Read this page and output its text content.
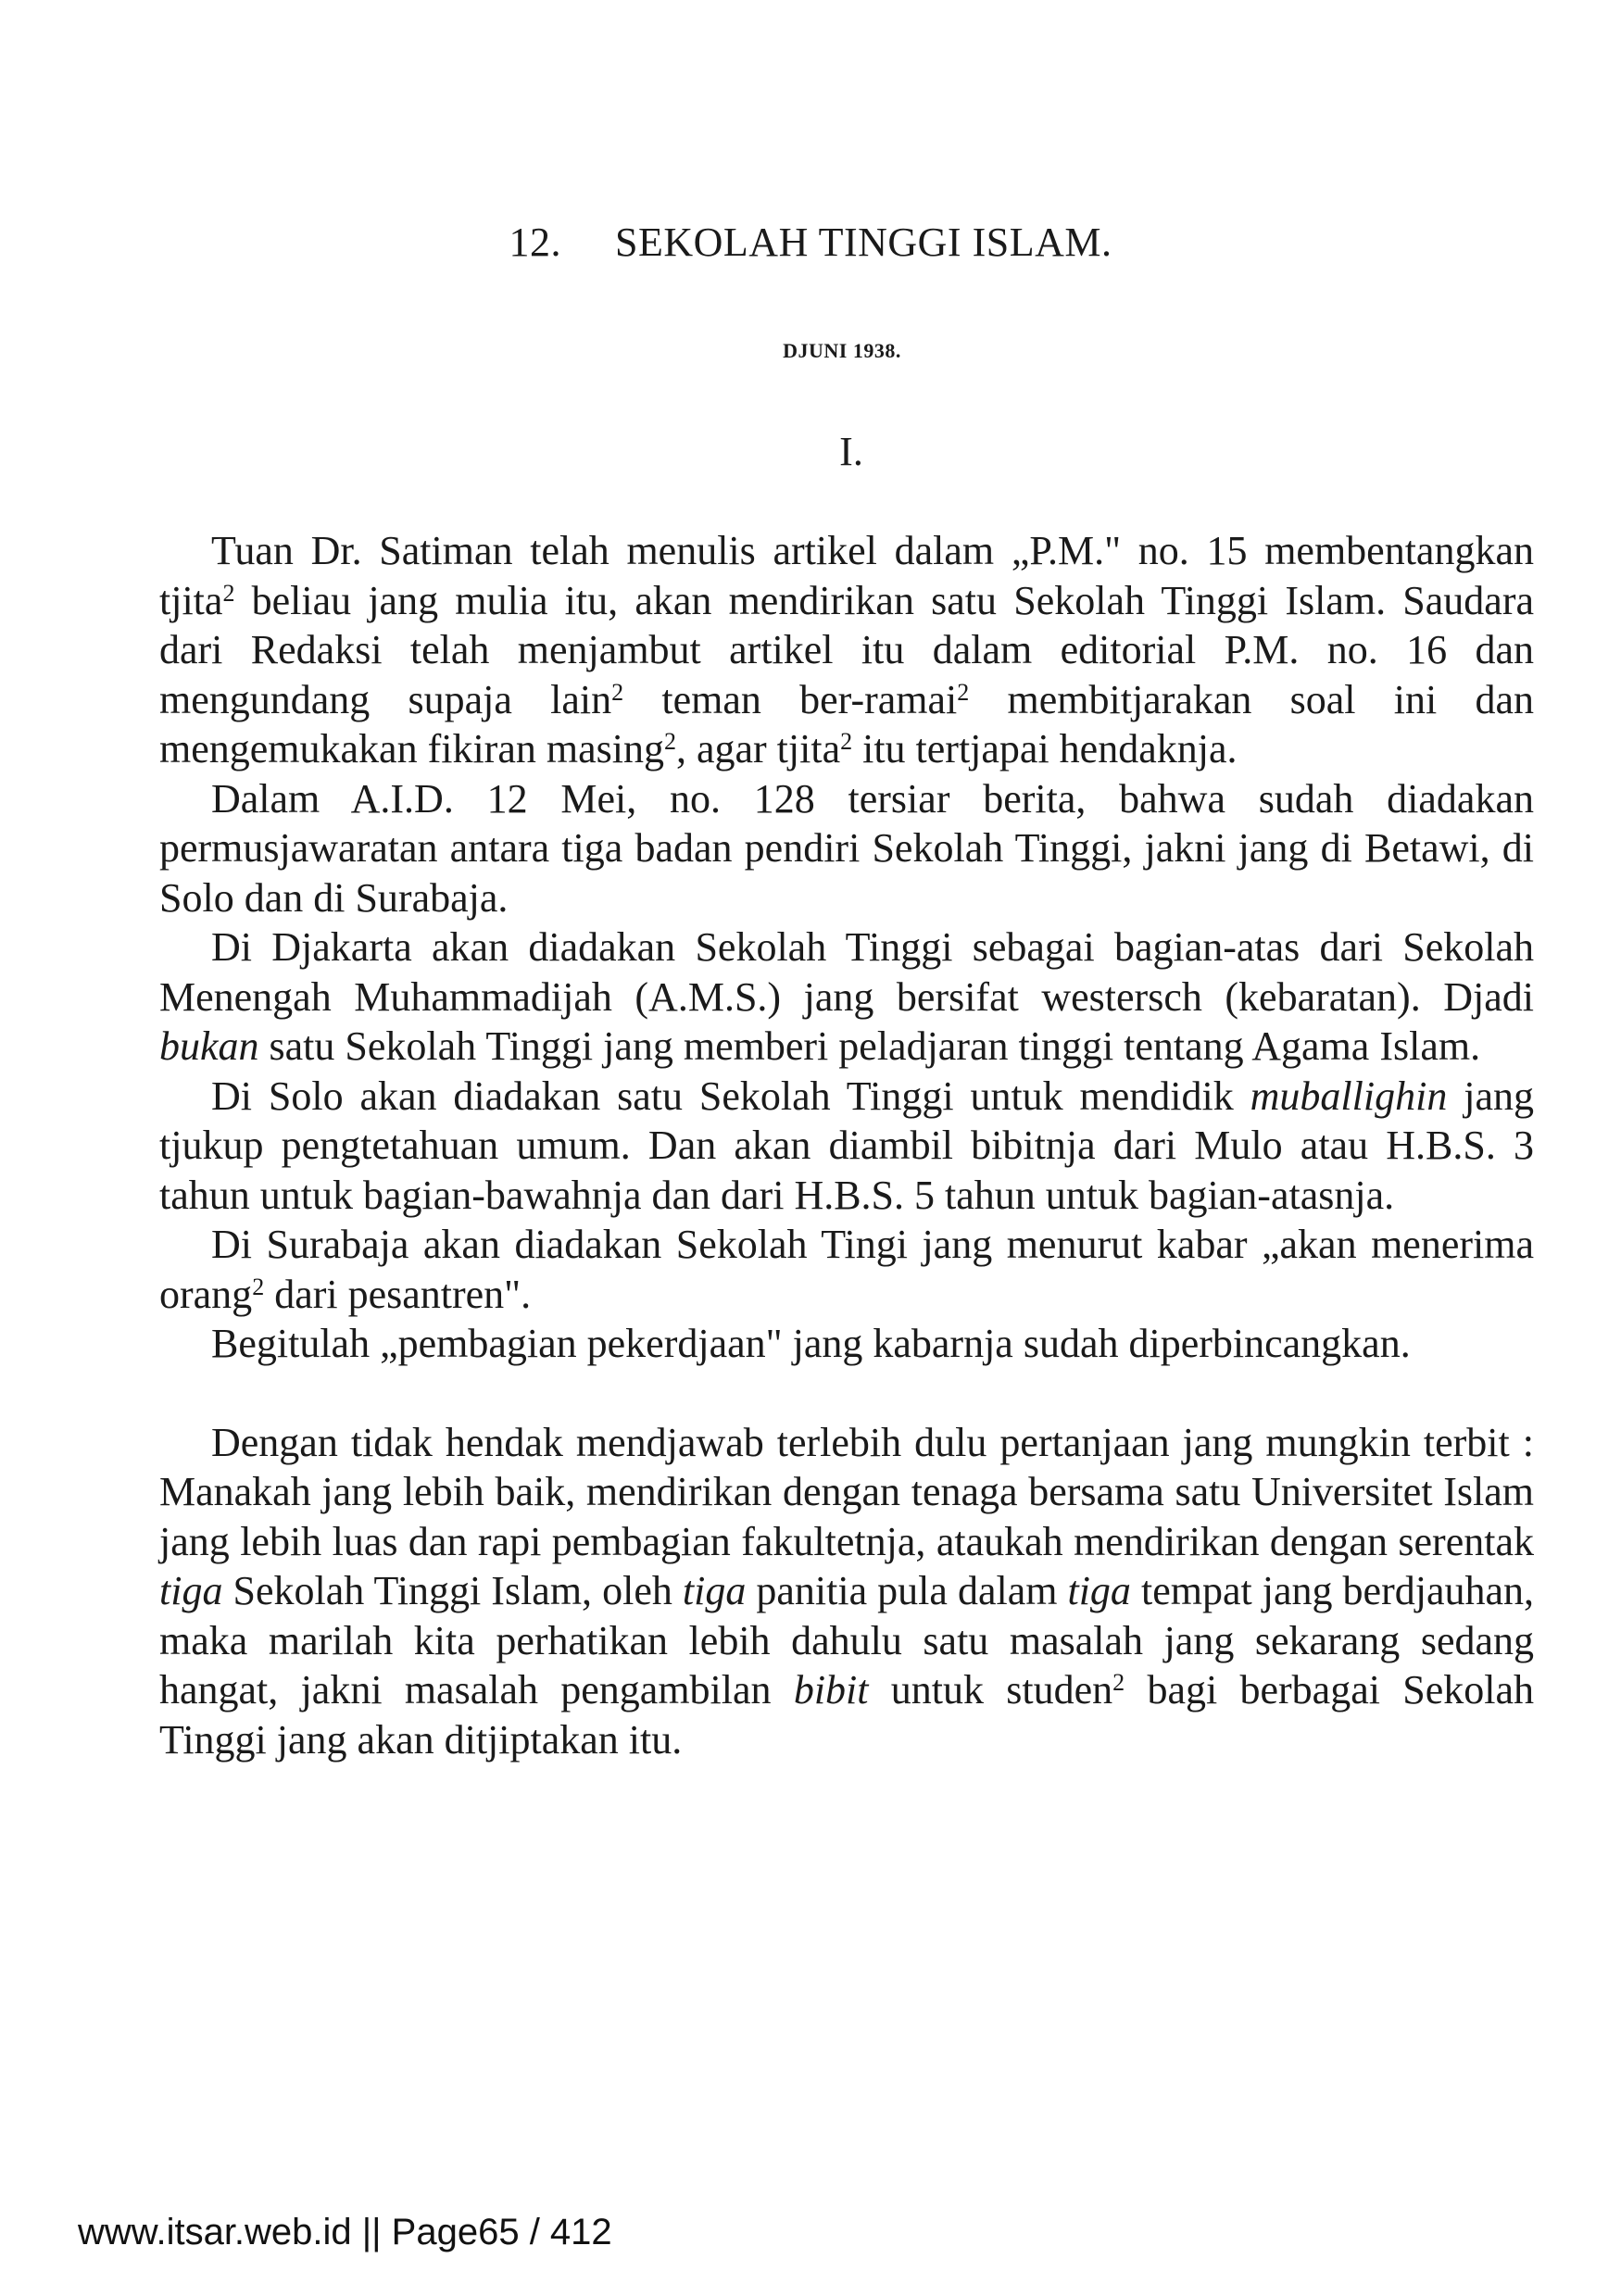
12. SEKOLAH TINGGI ISLAM.
DJUNI 1938.
I.

Tuan Dr. Satiman telah menulis artikel dalam „P.M." no. 15 membentangkan tjita$^2$ beliau jang mulia itu, akan mendirikan satu Sekolah Tinggi Islam. Saudara dari Redaksi telah menjambut artikel itu dalam editorial P.M. no. 16 dan mengundang supaja lain$^2$ teman ber-ramai$^2$ membitjarakan soal ini dan mengemukakan fikiran masing$^2$, agar tjita$^2$ itu tertjapai hendaknja.

Dalam A.I.D. 12 Mei, no. 128 tersiar berita, bahwa sudah diadakan permusjawaratan antara tiga badan pendiri Sekolah Tinggi, jakni jang di Betawi, di Solo dan di Surabaja.

Di Djakarta akan diadakan Sekolah Tinggi sebagai bagian-atas dari Sekolah Menengah Muhammadijah (A.M.S.) jang bersifat westersch (kebaratan). Djadi bukan satu Sekolah Tinggi jang memberi peladjaran tinggi tentang Agama Islam.

Di Solo akan diadakan satu Sekolah Tinggi untuk mendidik muballighin jang tjukup pengtetahuan umum. Dan akan diambil bibitnja dari Mulo atau H.B.S. 3 tahun untuk bagian-bawahnja dan dari H.B.S. 5 tahun untuk bagian-atasnja.

Di Surabaja akan diadakan Sekolah Tingi jang menurut kabar „akan menerima orang$^2$ dari pesantren".

Begitulah „pembagian pekerdjaan" jang kabarnja sudah diperbincangkan.

Dengan tidak hendak mendjawab terlebih dulu pertanjaan jang mungkin terbit : Manakah jang lebih baik, mendirikan dengan tenaga bersama satu Universitet Islam jang lebih luas dan rapi pembagian fakultetnja, ataukah mendirikan dengan serentak tiga Sekolah Tinggi Islam, oleh tiga panitia pula dalam tiga tempat jang berdjauhan, maka marilah kita perhatikan lebih dahulu satu masalah jang sekarang sedang hangat, jakni masalah pengambilan bibit untuk studen$^2$ bagi berbagai Sekolah Tinggi jang akan ditjiptakan itu.

www.itsar.web.id || Page65 / 412
